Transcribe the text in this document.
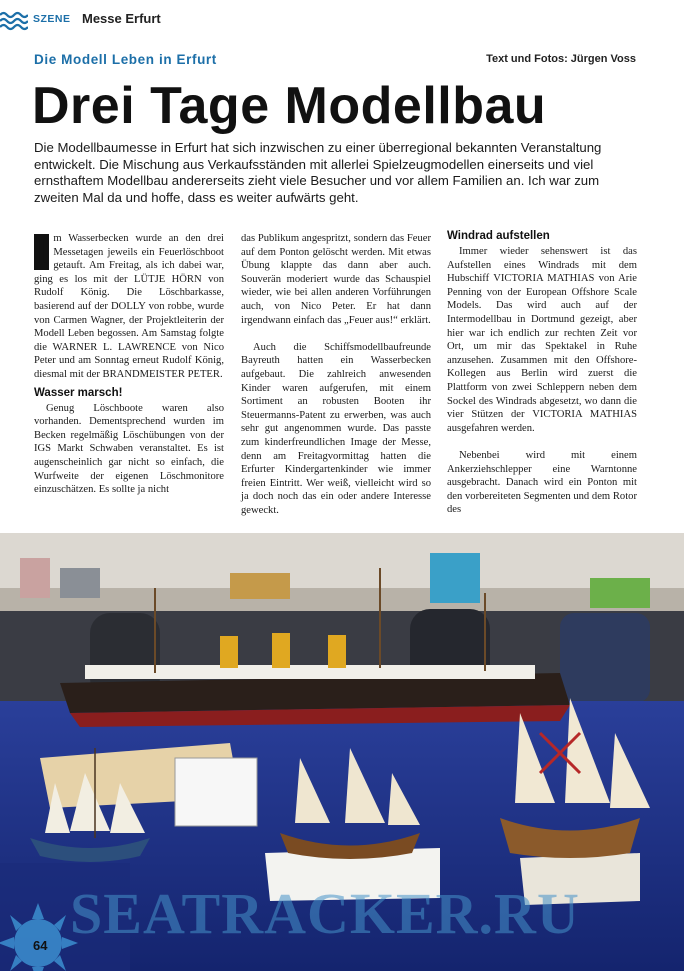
SZENE Messe Erfurt
Die Modell Leben in Erfurt	Text und Fotos: Jürgen Voss
Drei Tage Modellbau
Die Modellbaumesse in Erfurt hat sich inzwischen zu einer überregional bekannten Veranstaltung entwickelt. Die Mischung aus Verkaufsständen mit allerlei Spielzeugmodellen einerseits und viel ernsthaftem Modellbau andererseits zieht viele Besucher und vor allem Familien an. Ich war zum zweiten Mal da und hoffe, dass es weiter aufwärts geht.
I m Wasserbecken wurde an den drei Messetagen jeweils ein Feuerlöschboot getauft. Am Freitag, als ich dabei war, ging es los mit der LÜTJE HÖRN von Rudolf König. Die Löschbarkasse, basierend auf der DOLLY von robbe, wurde von Carmen Wagner, der Projektleiterin der Modell Leben begossen. Am Samstag folgte die WARNER L. LAWRENCE von Nico Peter und am Sonntag erneut Rudolf König, diesmal mit der BRANDMEISTER PETER.

Wasser marsch!

Genug Löschboote waren also vorhanden. Dementsprechend wurden im Becken regelmäßig Löschübungen von der IGS Markt Schwaben veranstaltet. Es ist augenscheinlich gar nicht so einfach, die Wurfweite der eigenen Löschmonitore einzuschätzen. Es sollte ja nicht

das Publikum angespritzt, sondern das Feuer auf dem Ponton gelöscht werden. Mit etwas Übung klappte das dann aber auch. Souverän moderiert wurde das Schauspiel wieder, wie bei allen anderen Vorführungen auch, von Nico Peter. Er hat dann irgendwann einfach das „Feuer aus!“ erklärt.

Auch die Schiffsmodellbaufreunde Bayreuth hatten ein Wasserbecken aufgebaut. Die zahlreich anwesenden Kinder waren aufgerufen, mit einem Sortiment an robusten Booten ihr Steuermanns-Patent zu erwerben, was auch sehr gut angenommen wurde. Das passte zum kinderfreundlichen Image der Messe, denn am Freitagvormittag hatten die Erfurter Kindergartenkinder wie immer freien Eintritt. Wer weiß, vielleicht wird so ja doch noch das ein oder andere Interesse geweckt.

Windrad aufstellen

Immer wieder sehenswert ist das Aufstellen eines Windrads mit dem Hubschiff VICTORIA MATHIAS von Arie Penning von der European Offshore Scale Models. Das wird auch auf der Intermodellbau in Dortmund gezeigt, aber hier war ich endlich zur rechten Zeit vor Ort, um mir das Spektakel in Ruhe anzusehen. Zusammen mit den Offshore-Kollegen aus Berlin wird zuerst die Plattform von zwei Schleppern neben dem Sockel des Windrads abgesetzt, wo dann die vier Stützen der VICTORIA MATHIAS ausgefahren werden.

Nebenbei wird mit einem Ankerziehschlepper eine Warntonne ausgebracht. Danach wird ein Ponton mit den vorbereiteten Segmenten und dem Rotor des

SEATRACKER.RU
64
